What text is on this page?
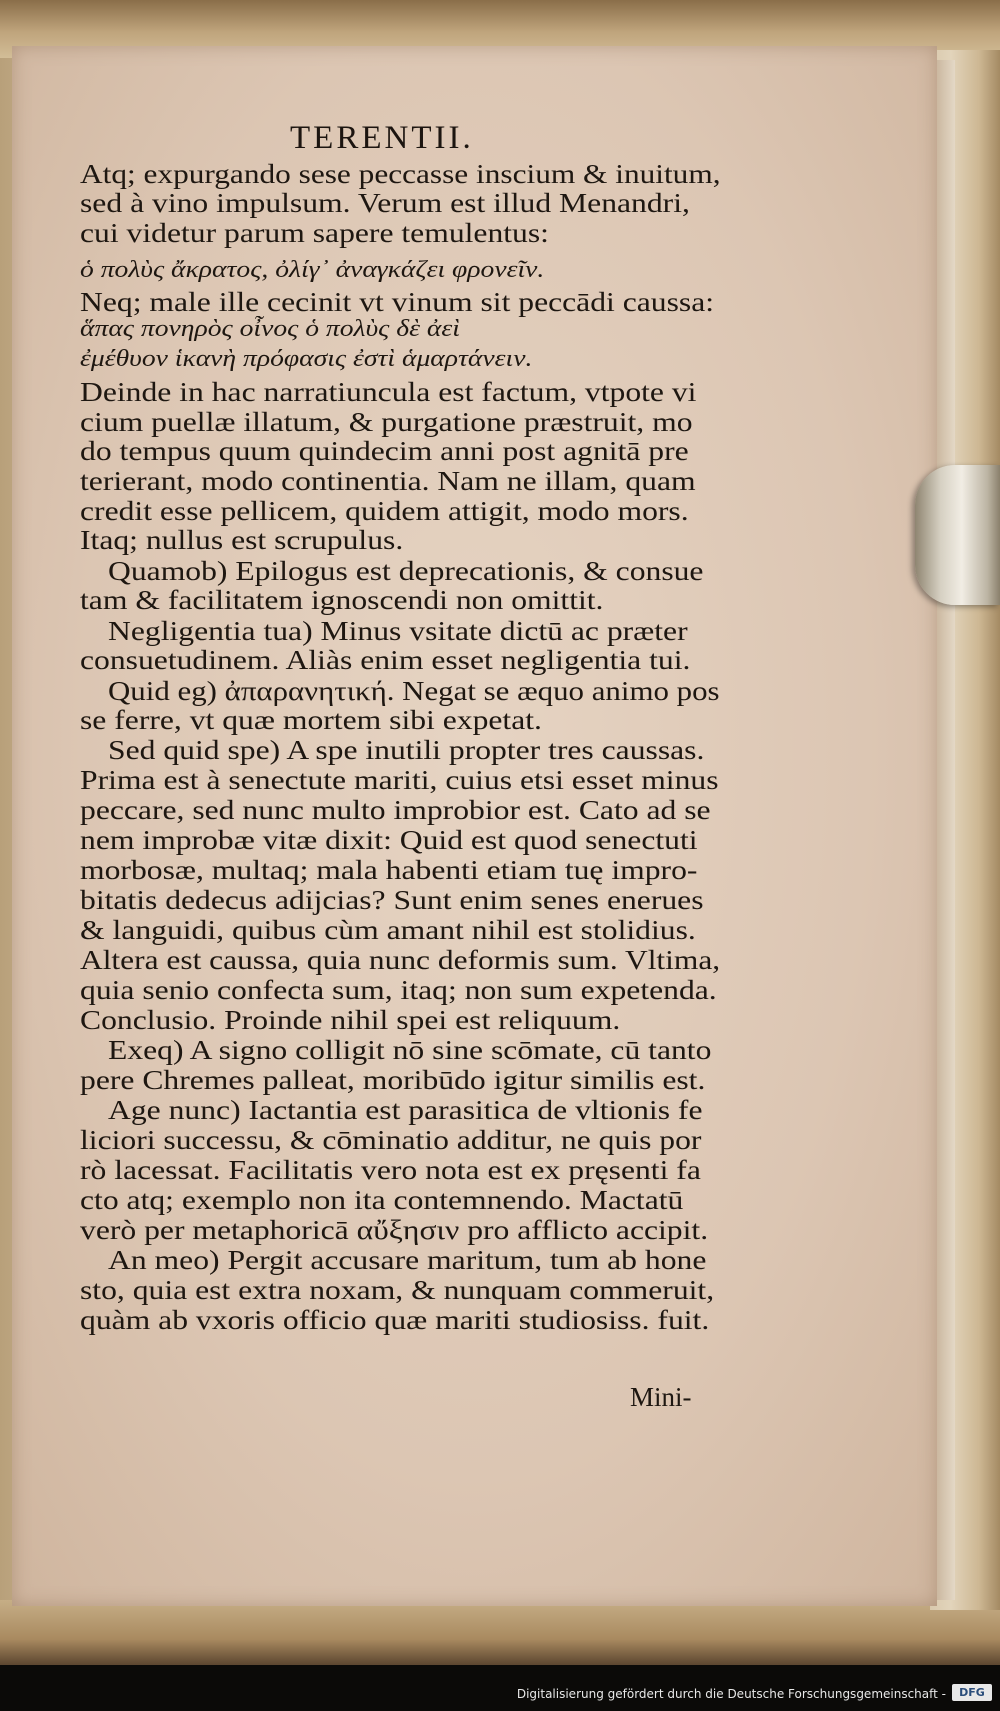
TERENTII.
Atq; expurgando sese peccasse inscium & inuitum,
sed à vino impulsum. Verum est illud Menandri,
cui videtur parum sapere temulentus:
ὁ πολὺς ἄκρατος, ὀλίγ᾽ ἀναγκάζει φρονεῖν.
Neq; male ille cecinit vt vinum sit peccādi caussa:
ἅπας πονηρὸς οἶνος ὁ πολὺς δὲ ἀεὶ
ἐμέθυον ἱκανὴ πρόφασις ἐστὶ ἁμαρτάνειν.
Deinde in hac narratiuncula est factum, vtpote vi
cium puellæ illatum, & purgatione præstruit, mo
do tempus quum quindecim anni post agnitā pre
terierant, modo continentia. Nam ne illam, quam
credit esse pellicem, quidem attigit, modo mors.
Itaq; nullus est scrupulus.
Quamob) Epilogus est deprecationis, & consue
tam & facilitatem ignoscendi non omittit.
Negligentia tua) Minus vsitate dictū ac præter
consuetudinem. Aliàs enim esset negligentia tui.
Quid eg) ἀπαρανητική. Negat se æquo animo pos
se ferre, vt quæ mortem sibi expetat.
Sed quid spe) A spe inutili propter tres caussas.
Prima est à senectute mariti, cuius etsi esset minus
peccare, sed nunc multo improbior est. Cato ad se
nem improbæ vitæ dixit: Quid est quod senectuti
morbosæ, multaq; mala habenti etiam tuę impro-
bitatis dedecus adijcias? Sunt enim senes enerues
& languidi, quibus cùm amant nihil est stolidius.
Altera est caussa, quia nunc deformis sum. Vltima,
quia senio confecta sum, itaq; non sum expetenda.
Conclusio. Proinde nihil spei est reliquum.
Exeq) A signo colligit nō sine scōmate, cū tanto
pere Chremes palleat, moribūdo igitur similis est.
Age nunc) Iactantia est parasitica de vltionis fe
liciori successu, & cōminatio additur, ne quis por
rò lacessat. Facilitatis vero nota est ex pręsenti fa
cto atq; exemplo non ita contemnendo. Mactatū
verò per metaphoricā αὔξησιν pro afflicto accipit.
An meo) Pergit accusare maritum, tum ab hone
sto, quia est extra noxam, & nunquam commeruit,
quàm ab vxoris officio quæ mariti studiosiss. fuit.
Mini-
Digitalisierung gefördert durch die Deutsche Forschungsgemeinschaft -	DFG
